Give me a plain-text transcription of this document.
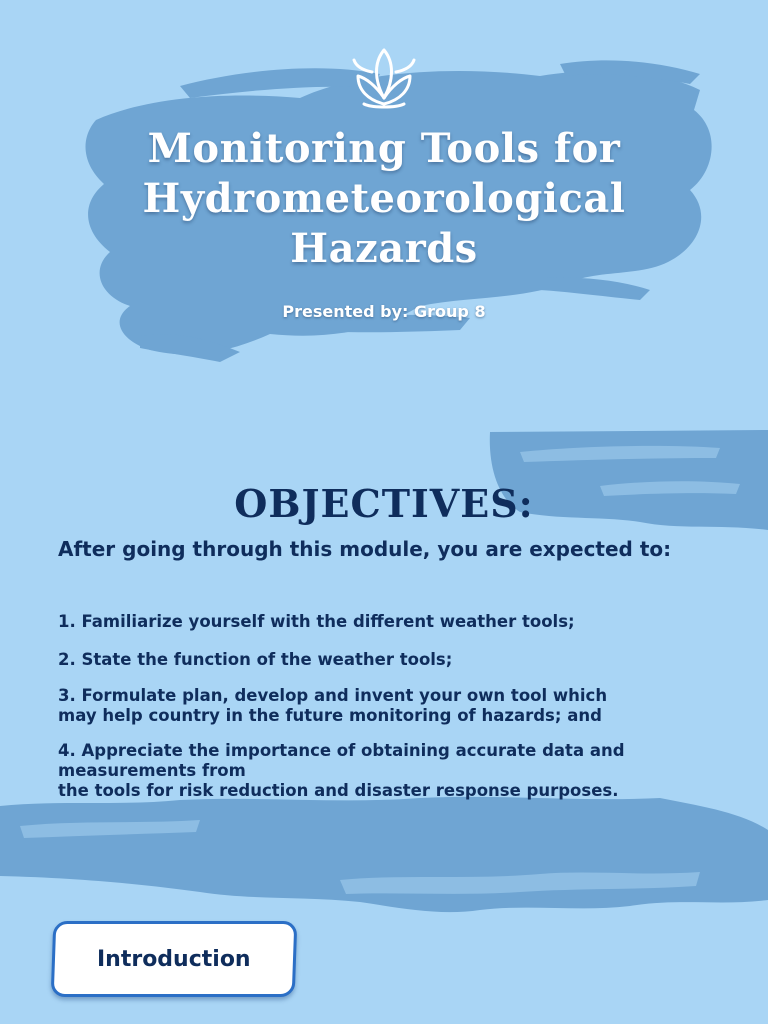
Monitoring Tools for
Hydrometeorological
Hazards
Presented by: Group 8
OBJECTIVES:

After going through this module, you are expected to:

1. Familiarize yourself with the different weather tools;

2. State the function of the weather tools;

3. Formulate plan, develop and invent your own tool which
may help country in the future monitoring of hazards; and

4. Appreciate the importance of obtaining accurate data and
measurements from
the tools for risk reduction and disaster response purposes.

Introduction
